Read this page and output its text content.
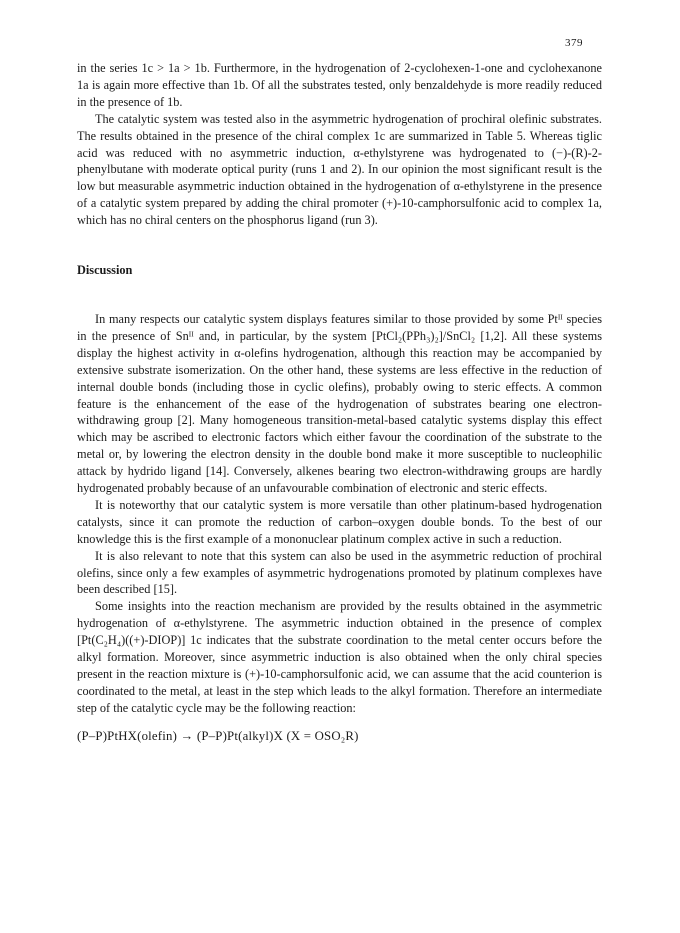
379

in the series 1c > 1a > 1b. Furthermore, in the hydrogenation of 2-cyclohexen-1-one and cyclohexanone 1a is again more effective than 1b. Of all the substrates tested, only benzaldehyde is more readily reduced in the presence of 1b.

The catalytic system was tested also in the asymmetric hydrogenation of prochiral olefinic substrates. The results obtained in the presence of the chiral complex 1c are summarized in Table 5. Whereas tiglic acid was reduced with no asymmetric induction, α-ethylstyrene was hydrogenated to (−)-(R)-2-phenylbutane with moderate optical purity (runs 1 and 2). In our opinion the most significant result is the low but measurable asymmetric induction obtained in the hydrogenation of α-ethylstyrene in the presence of a catalytic system prepared by adding the chiral promoter (+)-10-camphorsulfonic acid to complex 1a, which has no chiral centers on the phosphorus ligand (run 3).

Discussion

In many respects our catalytic system displays features similar to those provided by some Ptᴵᴵ species in the presence of Snᴵᴵ and, in particular, by the system [PtCl₂(PPh₃)₂]/SnCl₂ [1,2]. All these systems display the highest activity in α-olefins hydrogenation, although this reaction may be accompanied by extensive substrate isomerization. On the other hand, these systems are less effective in the reduction of internal double bonds (including those in cyclic olefins), probably owing to steric effects. A common feature is the enhancement of the ease of the hydrogenation of substrates bearing one electron-withdrawing group [2]. Many homogeneous transition-metal-based catalytic systems display this effect which may be ascribed to electronic factors which either favour the coordination of the substrate to the metal or, by lowering the electron density in the double bond make it more susceptible to nucleophilic attack by hydrido ligand [14]. Conversely, alkenes bearing two electron-withdrawing groups are hardly hydrogenated probably because of an unfavourable combination of electronic and steric effects.

It is noteworthy that our catalytic system is more versatile than other platinum-based hydrogenation catalysts, since it can promote the reduction of carbon–oxygen double bonds. To the best of our knowledge this is the first example of a mononuclear platinum complex active in such a reduction.

It is also relevant to note that this system can also be used in the asymmetric reduction of prochiral olefins, since only a few examples of asymmetric hydrogenations promoted by platinum complexes have been described [15].

Some insights into the reaction mechanism are provided by the results obtained in the asymmetric hydrogenation of α-ethylstyrene. The asymmetric induction obtained in the presence of complex [Pt(C₂H₄)((+)-DIOP)] 1c indicates that the substrate coordination to the metal center occurs before the alkyl formation. Moreover, since asymmetric induction is also obtained when the only chiral species present in the reaction mixture is (+)-10-camphorsulfonic acid, we can assume that the acid counterion is coordinated to the metal, at least in the step which leads to the alkyl formation. Therefore an intermediate step of the catalytic cycle may be the following reaction:

(P–P)PtHX(olefin) → (P–P)Pt(alkyl)X (X = OSO₂R)
